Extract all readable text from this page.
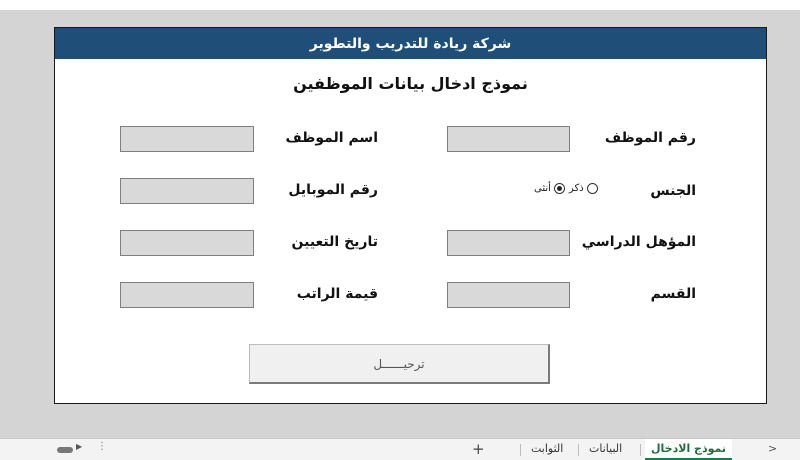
شركة ريادة للتدريب والتطوير
نموذج ادخال بيانات الموظفين
رقم الموظف
الجنس
المؤهل الدراسي
القسم
ذكر
أنثى
اسم الموظف
رقم الموبايل
تاريخ التعيين
قيمة الراتب
ترحيــــــل
>
نموذج الادخال
البيانات
الثوابت
+
▶ ⋮
